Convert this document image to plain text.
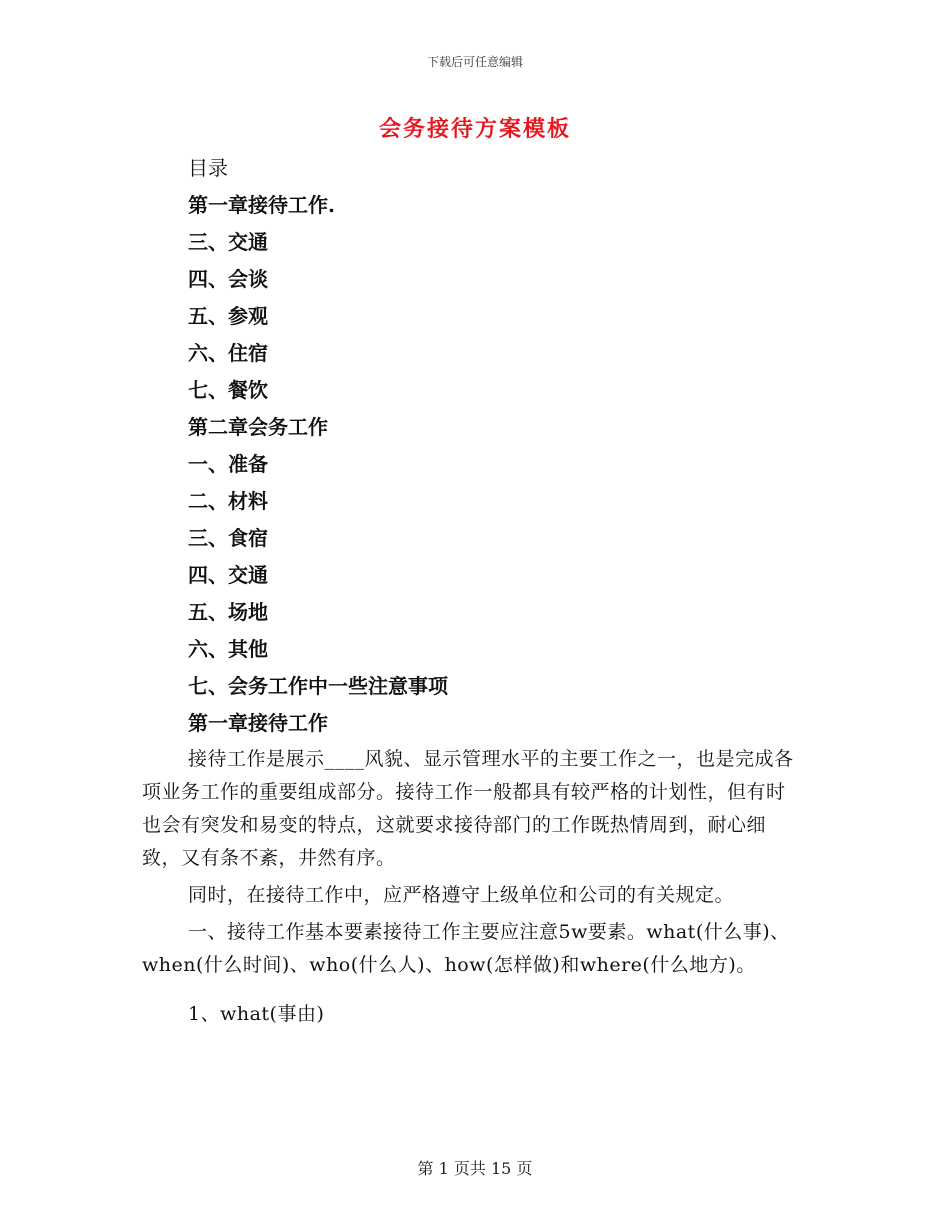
下载后可任意编辑
会务接待方案模板
目录
第一章接待工作.
三、交通
四、会谈
五、参观
六、住宿
七、餐饮
第二章会务工作
一、准备
二、材料
三、食宿
四、交通
五、场地
六、其他
七、会务工作中一些注意事项
第一章接待工作

接待工作是展示____风貌、显示管理水平的主要工作之一，也是完成各项业务工作的重要组成部分。接待工作一般都具有较严格的计划性，但有时也会有突发和易变的特点，这就要求接待部门的工作既热情周到，耐心细致，又有条不紊，井然有序。

同时，在接待工作中，应严格遵守上级单位和公司的有关规定。

一、接待工作基本要素接待工作主要应注意5w要素。what(什么事)、when(什么时间)、who(什么人)、how(怎样做)和where(什么地方)。

1、what(事由)

第 1 页共 15 页
